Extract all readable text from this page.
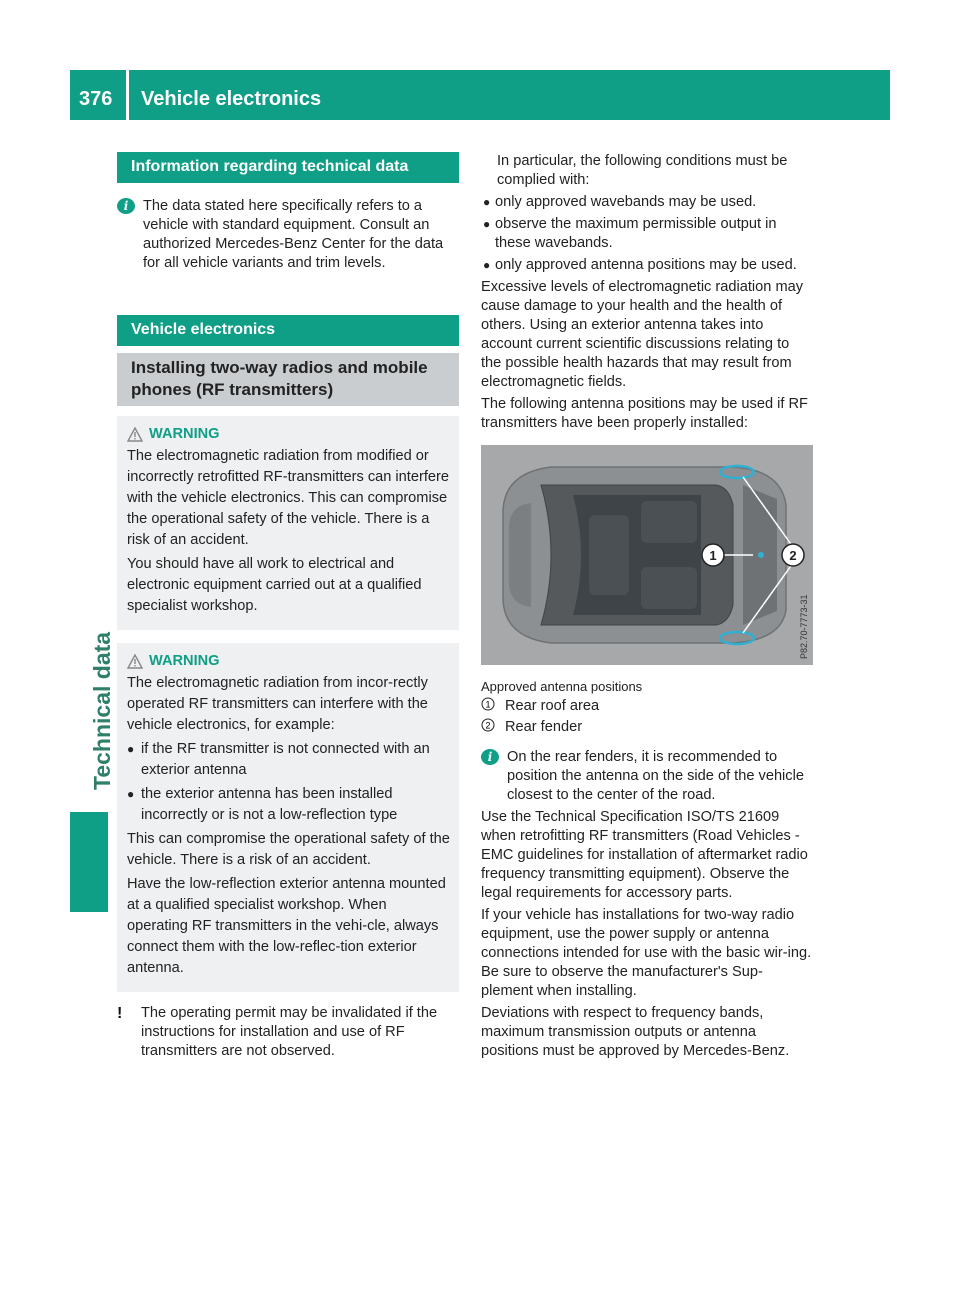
376 Vehicle electronics
Technical data
Information regarding technical data
i	The data stated here specifically refers to a vehicle with standard equipment. Consult an authorized Mercedes-Benz Center for the data for all vehicle variants and trim levels.

Vehicle electronics
Installing two-way radios and mobile phones (RF transmitters)
WARNING

The electromagnetic radiation from modified or incorrectly retrofitted RF-transmitters can interfere with the vehicle electronics. This can compromise the operational safety of the vehicle. There is a risk of an accident.

You should have all work to electrical and electronic equipment carried out at a qualified specialist workshop.

WARNING

The electromagnetic radiation from incor-rectly operated RF transmitters can interfere with the vehicle electronics, for example:

● if the RF transmitter is not connected with an exterior antenna

● the exterior antenna has been installed incorrectly or is not a low-reflection type

This can compromise the operational safety of the vehicle. There is a risk of an accident.

Have the low-reflection exterior antenna mounted at a qualified specialist workshop. When operating RF transmitters in the vehi-cle, always connect them with the low-reflec-tion exterior antenna.

!	The operating permit may be invalidated if the instructions for installation and use of RF transmitters are not observed.

In particular, the following conditions must be complied with:

● only approved wavebands may be used.

● observe the maximum permissible output in these wavebands.

● only approved antenna positions may be used.

Excessive levels of electromagnetic radiation may cause damage to your health and the health of others. Using an exterior antenna takes into account current scientific discussions relating to the possible health hazards that may result from electromagnetic fields.

The following antenna positions may be used if RF transmitters have been properly installed:

1	2
P82.70-7773-31

Approved antenna positions

1 Rear roof area
2 Rear fender
i	On the rear fenders, it is recommended to position the antenna on the side of the vehicle closest to the center of the road.

Use the Technical Specification ISO/TS 21609 when retrofitting RF transmitters (Road Vehicles - EMC guidelines for installation of aftermarket radio frequency transmitting equipment). Observe the legal requirements for accessory parts.

If your vehicle has installations for two-way radio equipment, use the power supply or antenna connections intended for use with the basic wir-ing. Be sure to observe the manufacturer's Sup-plement when installing.

Deviations with respect to frequency bands, maximum transmission outputs or antenna positions must be approved by Mercedes-Benz.
